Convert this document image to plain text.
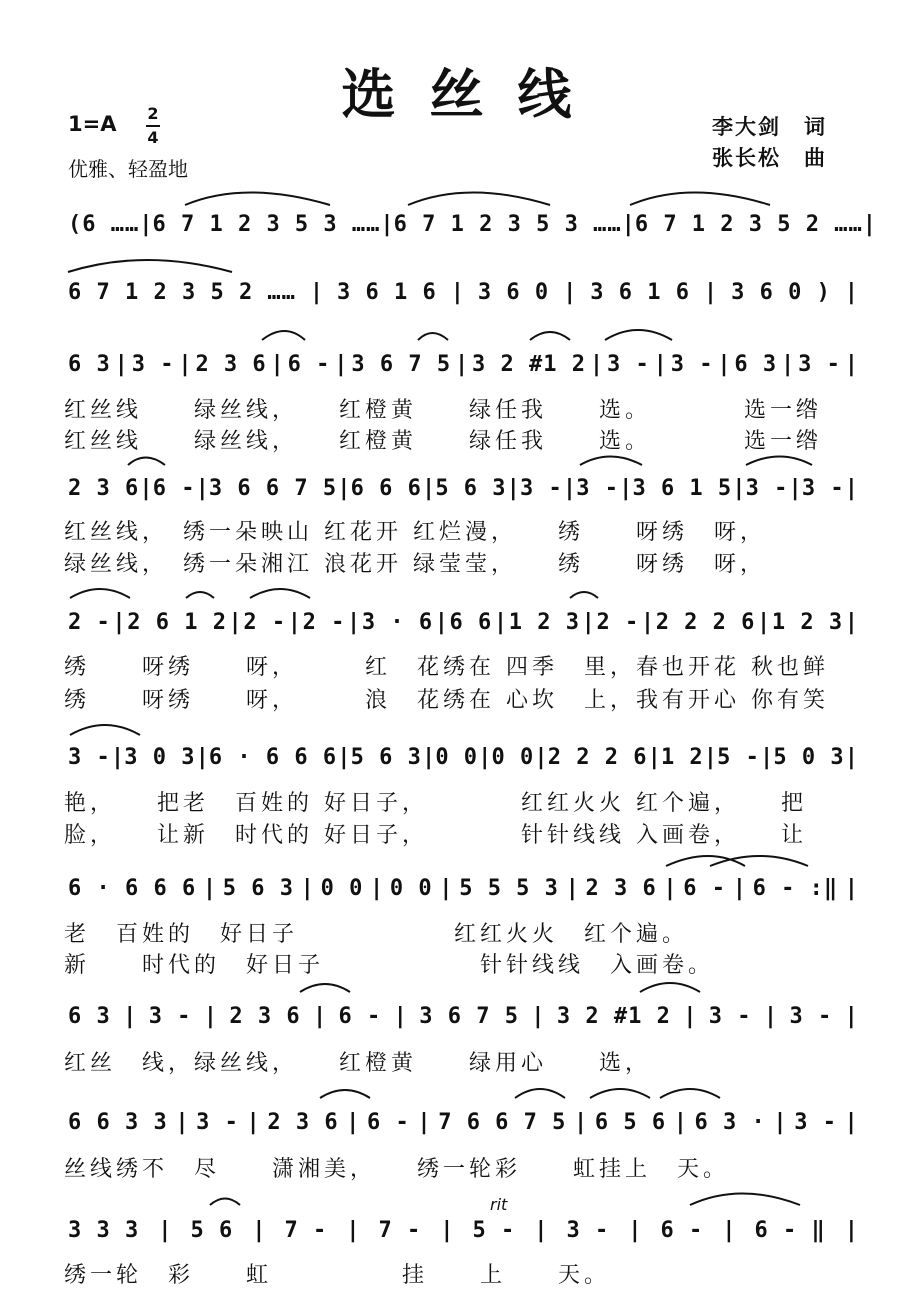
选丝线
1=A 2
4
优雅、轻盈地
李大剑　词
张长松　曲
(6 …… | 6 7 1 2 3 5 3 …… | 6 7 1 2 3 5 3 …… | 6 7 1 2 3 5 2 …… |
6 7 1 2 3 5 2 …… | 3 6 1 6 | 3 6 0 | 3 6 1 6 | 3 6 0 ) |
6 3 | 3 - | 2 3 6 | 6 - | 3 6 7 5 | 3 2 #1 2 | 3 - | 3 - | 6 3 | 3 - |
2 3 6 | 6 - | 3 6 6 7 5 | 6 6 6 | 5 6 3 | 3 - | 3 - | 3 6 1 5 | 3 - | 3 - |
2 - | 2 6 1 2 | 2 - | 2 - | 3 · 6 | 6 6 | 1 2 3 | 2 - | 2 2 2 6 | 1 2 3 |
3 - | 3 0 3 | 6 · 6 6 6 | 5 6 3 | 0 0 | 0 0 | 2 2 2 6 | 1 2 | 5 - | 5 0 3 |
6 · 6 6 6 | 5 6 3 | 0 0 | 0 0 | 5 5 5 3 | 2 3 6 | 6 - | 6 - :‖ |
6 3 | 3 - | 2 3 6 | 6 - | 3 6 7 5 | 3 2 #1 2 | 3 - | 3 - |
6 6 3 3 | 3 - | 2 3 6 | 6 - | 7 6 6 7 5 | 6 5 6 | 6 3 · | 3 - |
3 3 3 | 5 6 | 7 - | 7 - | 5 - | 3 - | 6 - | 6 - ‖ |
红丝线　　绿丝线，　　红橙黄　　绿任我　　选。　　　　选一绺
红丝线　　绿丝线，　　红橙黄　　绿任我　　选。　　　　选一绺
红丝线，　绣一朵映山 红花开 红烂漫，　　绣　　呀绣　呀，
绿丝线，　绣一朵湘江 浪花开 绿莹莹，　　绣　　呀绣　呀，
绣　　呀绣　　呀，　　　红　花绣在 四季　里，春也开花 秋也鲜
绣　　呀绣　　呀，　　　浪　花绣在 心坎　上，我有开心 你有笑
艳，　　把老　百姓的 好日子，　　　　红红火火 红个遍，　　把
脸，　　让新　时代的 好日子，　　　　针针线线 入画卷，　　让
老　百姓的　好日子　　　　　　红红火火　红个遍。
新　　时代的　好日子　　　　　　针针线线　入画卷。
红丝　线，绿丝线，　　红橙黄　　绿用心　　选，
丝线绣不　尽　　潇湘美，　　绣一轮彩　　虹挂上　天。
绣一轮　彩　　虹　　　　　挂　　上　　天。
rit
